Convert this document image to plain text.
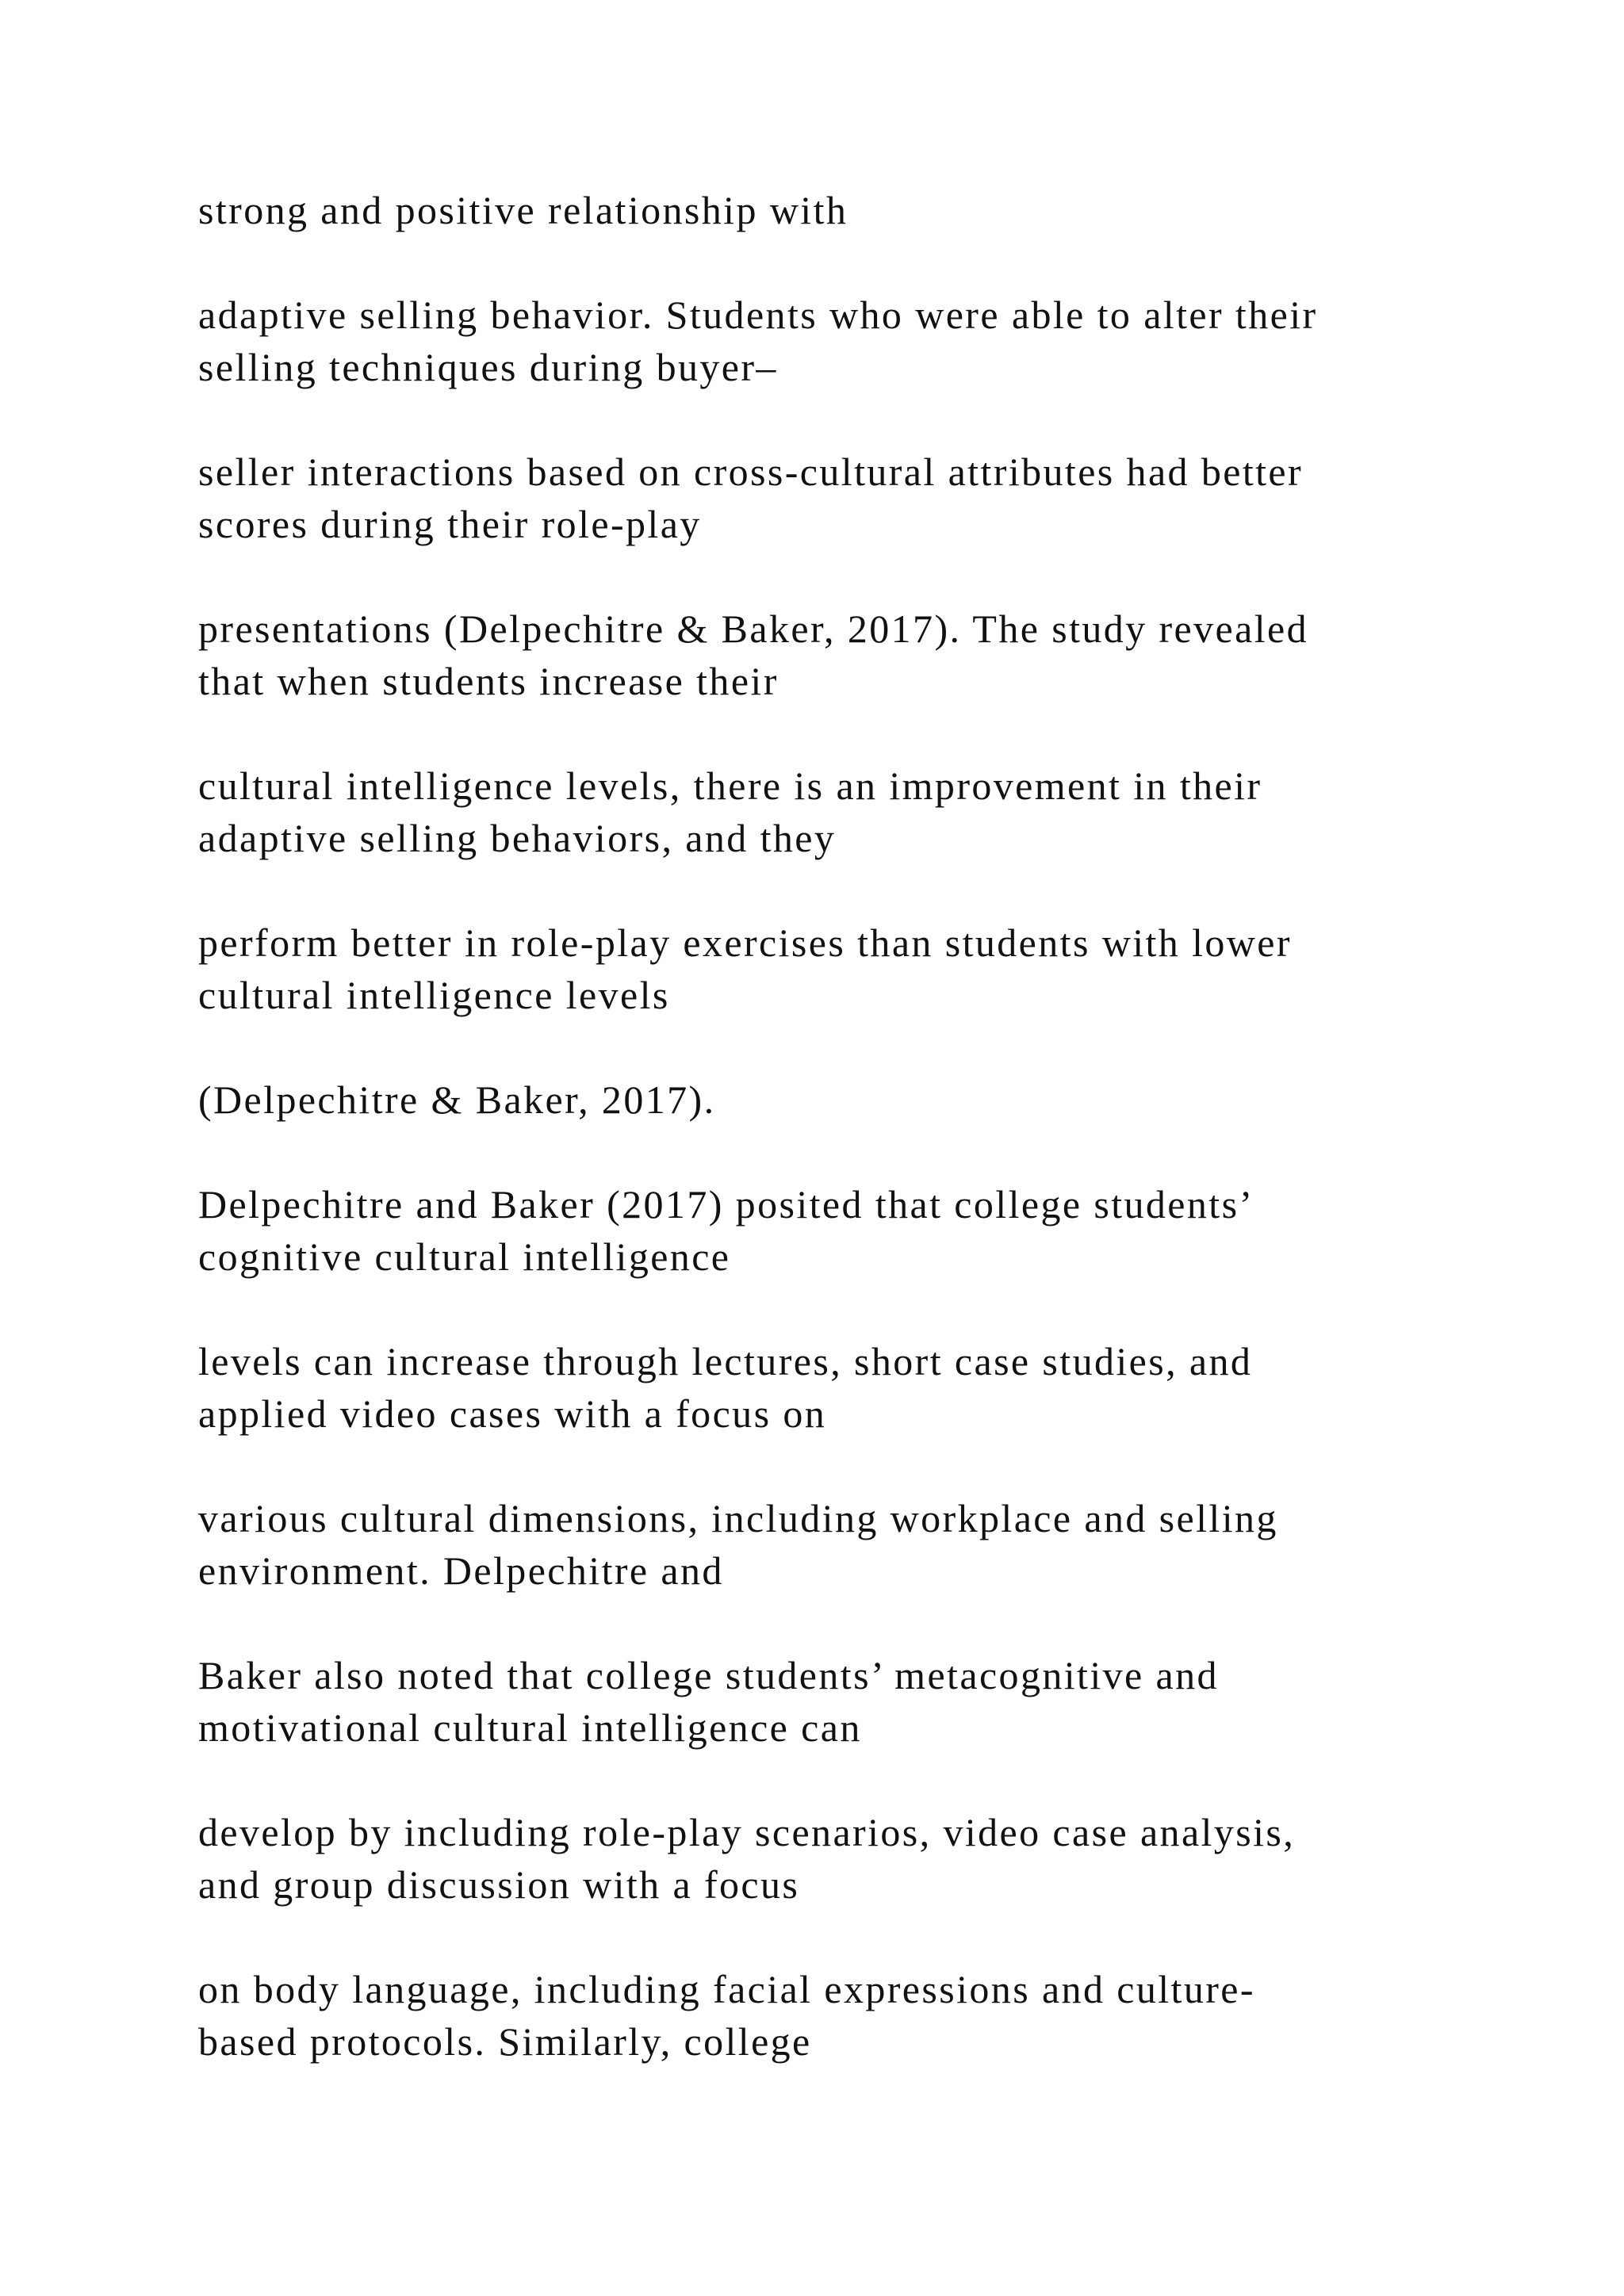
strong and positive relationship with

adaptive selling behavior. Students who were able to alter their
selling techniques during buyer–

seller interactions based on cross-cultural attributes had better
scores during their role-play

presentations (Delpechitre & Baker, 2017). The study revealed
that when students increase their

cultural intelligence levels, there is an improvement in their
adaptive selling behaviors, and they

perform better in role-play exercises than students with lower
cultural intelligence levels

(Delpechitre & Baker, 2017).

Delpechitre and Baker (2017) posited that college students’
cognitive cultural intelligence

levels can increase through lectures, short case studies, and
applied video cases with a focus on

various cultural dimensions, including workplace and selling
environment. Delpechitre and

Baker also noted that college students’ metacognitive and
motivational cultural intelligence can

develop by including role-play scenarios, video case analysis,
and group discussion with a focus

on body language, including facial expressions and culture-
based protocols. Similarly, college
